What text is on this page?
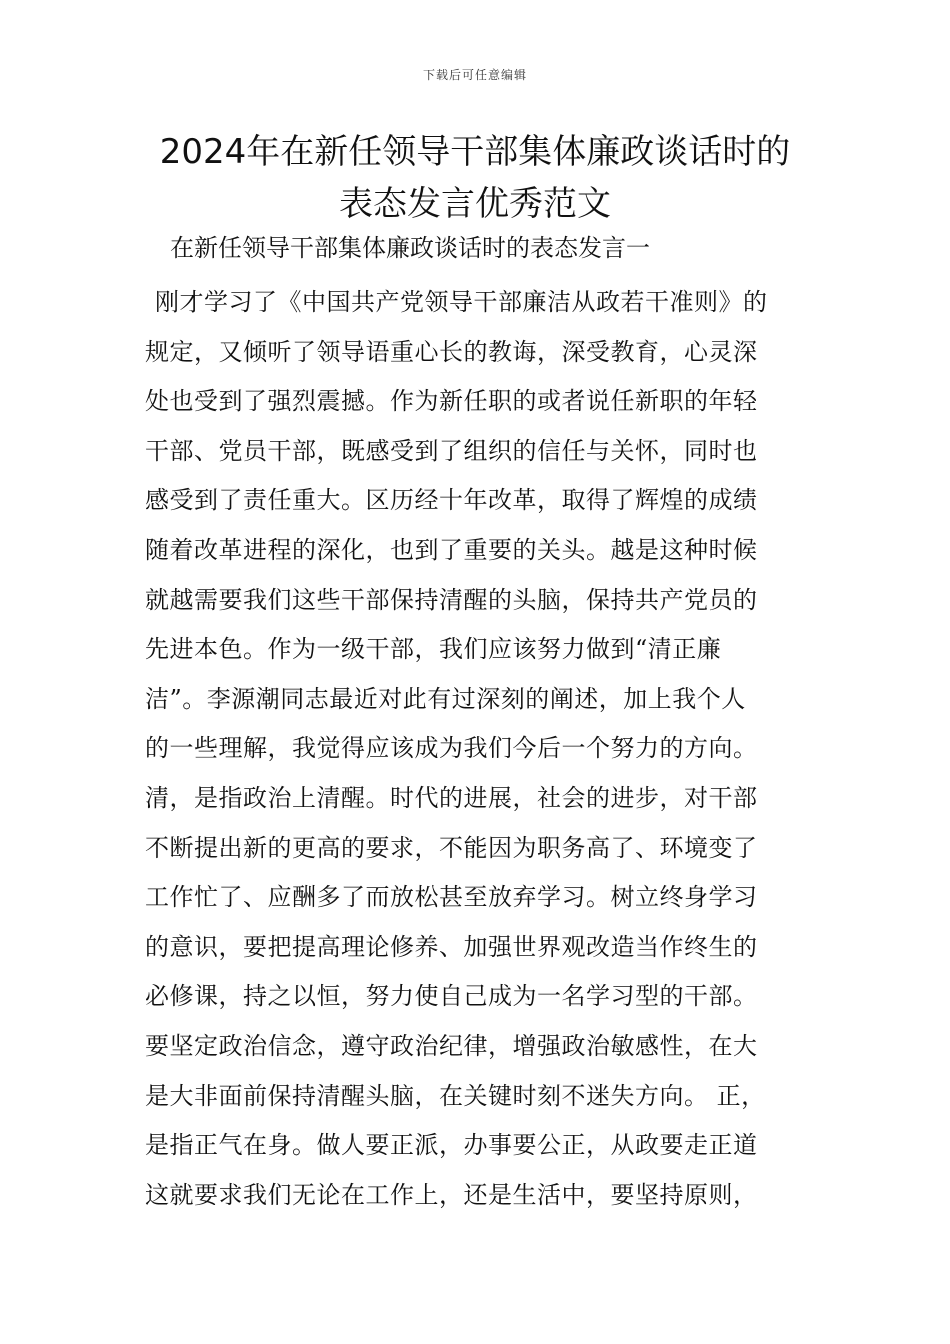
下载后可任意编辑
2024年在新任领导干部集体廉政谈话时的
表态发言优秀范文
在新任领导干部集体廉政谈话时的表态发言一
刚才学习了《中国共产党领导干部廉洁从政若干准则》的
规定，又倾听了领导语重心长的教诲，深受教育，心灵深
处也受到了强烈震撼。作为新任职的或者说任新职的年轻
干部、党员干部，既感受到了组织的信任与关怀，同时也
感受到了责任重大。区历经十年改革，取得了辉煌的成绩
随着改革进程的深化，也到了重要的关头。越是这种时候
就越需要我们这些干部保持清醒的头脑，保持共产党员的
先进本色。作为一级干部，我们应该努力做到“清正廉
洁”。李源潮同志最近对此有过深刻的阐述，加上我个人
的一些理解，我觉得应该成为我们今后一个努力的方向。
清，是指政治上清醒。时代的进展，社会的进步，对干部
不断提出新的更高的要求，不能因为职务高了、环境变了
工作忙了、应酬多了而放松甚至放弃学习。树立终身学习
的意识，要把提高理论修养、加强世界观改造当作终生的
必修课，持之以恒，努力使自己成为一名学习型的干部。
要坚定政治信念，遵守政治纪律，增强政治敏感性，在大
是大非面前保持清醒头脑，在关键时刻不迷失方向。 正，
是指正气在身。做人要正派，办事要公正，从政要走正道
这就要求我们无论在工作上，还是生活中，要坚持原则，
